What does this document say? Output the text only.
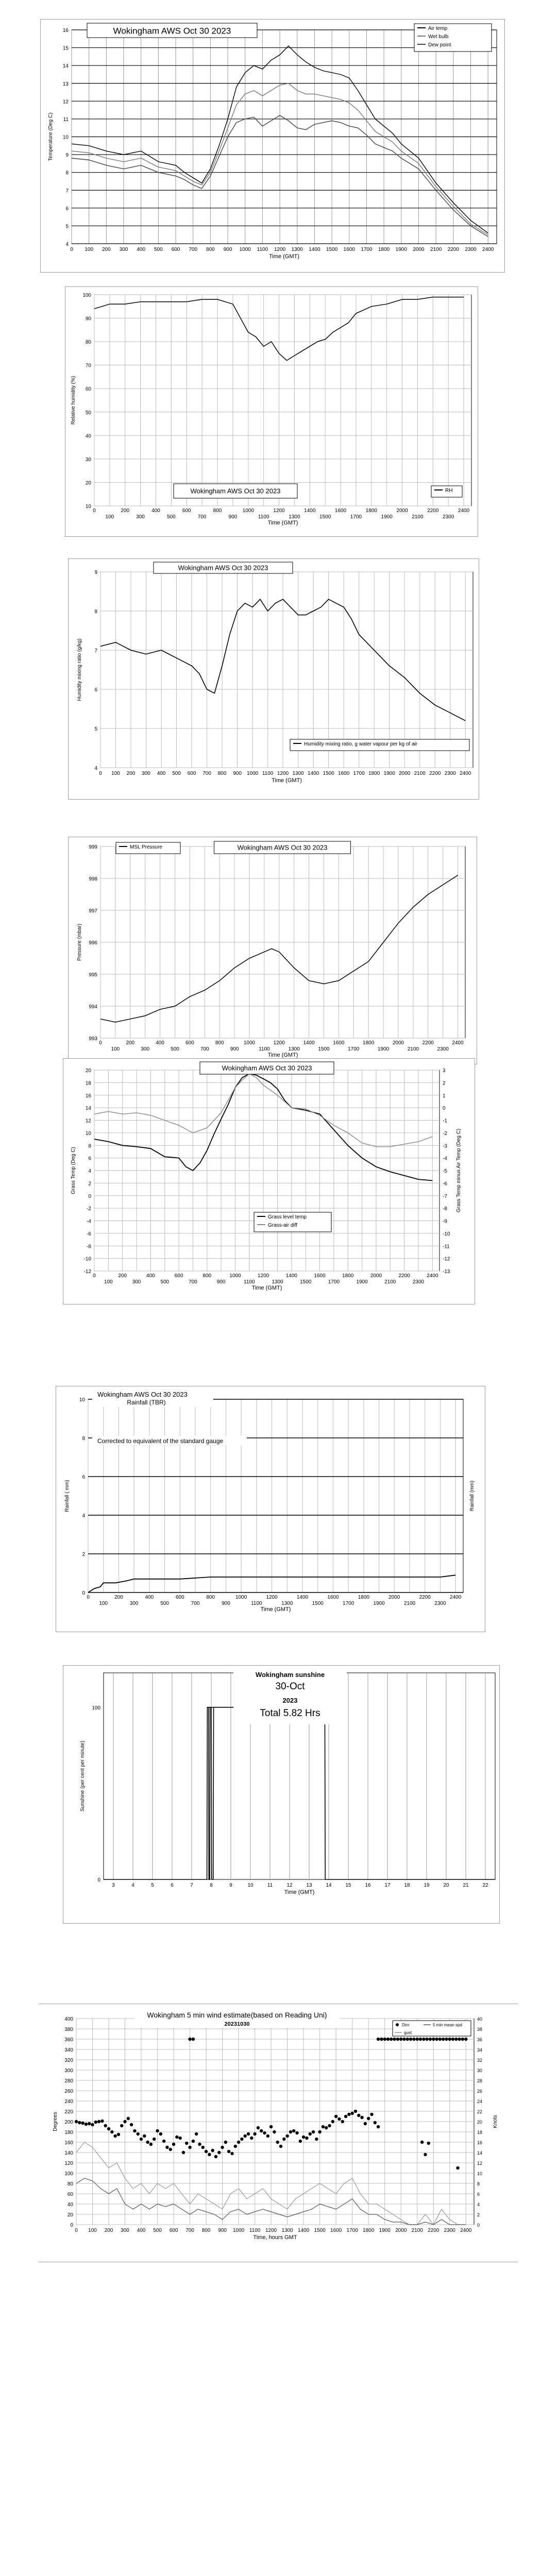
4
5
6
7
8
9
10
11
12
13
14
15
16
0 100 200 300 400 500 600 700 800 900 1000 1100 1200 1300 1400 1500 1600 1700 1800 1900 2000 2100 2200 2300 2400
Time (GMT)
Temperature (Deg C)
Wokingham AWS Oct 30 2023	Air temp
Wet bulb
Dew point
10
20
30
40
50
60
70
80
90
100
0	200	400	600	800	1000	1200	1400	1600	1800	2000	2200	2400
100	300	500	700	900	1100	1300	1500	1700	1900	2100	2300
Time (GMT)
Relative humidity (%)
Wokingham AWS Oct 30 2023	RH
4
5
6
7
8
9
0 100 200 300 400 500 600 700 800 900 1000 1100 1200 1300 1400 1500 1600 1700 1800 1900 2000 2100 2200 2300 2400
Time (GMT)
Humidity mixing ratio (g/kg)
Wokingham AWS Oct 30 2023
Humidity mixing ratio, g water vapour per kg of air
993
994
995
996
997
998
999
0	200	400	600	800	1000	1200	1400	1600	1800	2000	2200	2400
100	300	500	700	900	1100	1300	1500	1700	1900	2100	2300
Time (GMT)
Pressure (mbar)
Wokingham AWS Oct 30 2023
MSL Pressure
-12
-10
-8
-6
-4
-2
0
2
4
6
8
10
12
14
16
18
20
0	200	400	600	800	1000	1200	1400	1600	1800	2000	2200	2400
100	300	500	700	900	1100	1300	1500	1700	1900	2100	2300
Time (GMT)
Grass Temp (Deg C)
-13
-12
-11
-10
-9
-8
-7
-6
-5
-4
-3
-2
-1
0
1
2
3
Grass Temp minus Air Temp (Deg C)
Wokingham AWS Oct 30 2023
Grass level temp
Grass-air diff
0
2
4
6
8
10
0	200	400	600	800	1000	1200	1400	1600	1800	2000	2200	2400
100	300	500	700	900	1100	1300	1500	1700	1900	2100	2300
Time (GMT)
Rainfall ( mm)	Rainfall (mm)
Wokingham AWS Oct 30 2023
Rainfall (TBR)
Corrected to equivalent of the standard gauge
0
100
3	4	5	6	7	8	9	10	11	12	13	14	15	16	17	18	19	20	21	22
Time (GMT)
Sunshine (per cent per minute)
Wokingham sunshine
30-Oct
2023
Total 5.82 Hrs
0
20
40
60
80
100
120
140
160
180
200
220
240
260
280
300
320
340
360
380
400
0 100 200 300 400 500 600 700 800 900 1000 1100 1200 1300 1400 1500 1600 1700 1800 1900 2000 2100 2200 2300 2400
Time, hours GMT
Degrees
0
2
4
6
8
10
12
14
16
18
20
22
24
26
28
30
32
34
36
38
40
Knots
Wokingham 5 min wind estimate(based on Reading Uni)
20231030	Dirn	5 min mean spd
gust
